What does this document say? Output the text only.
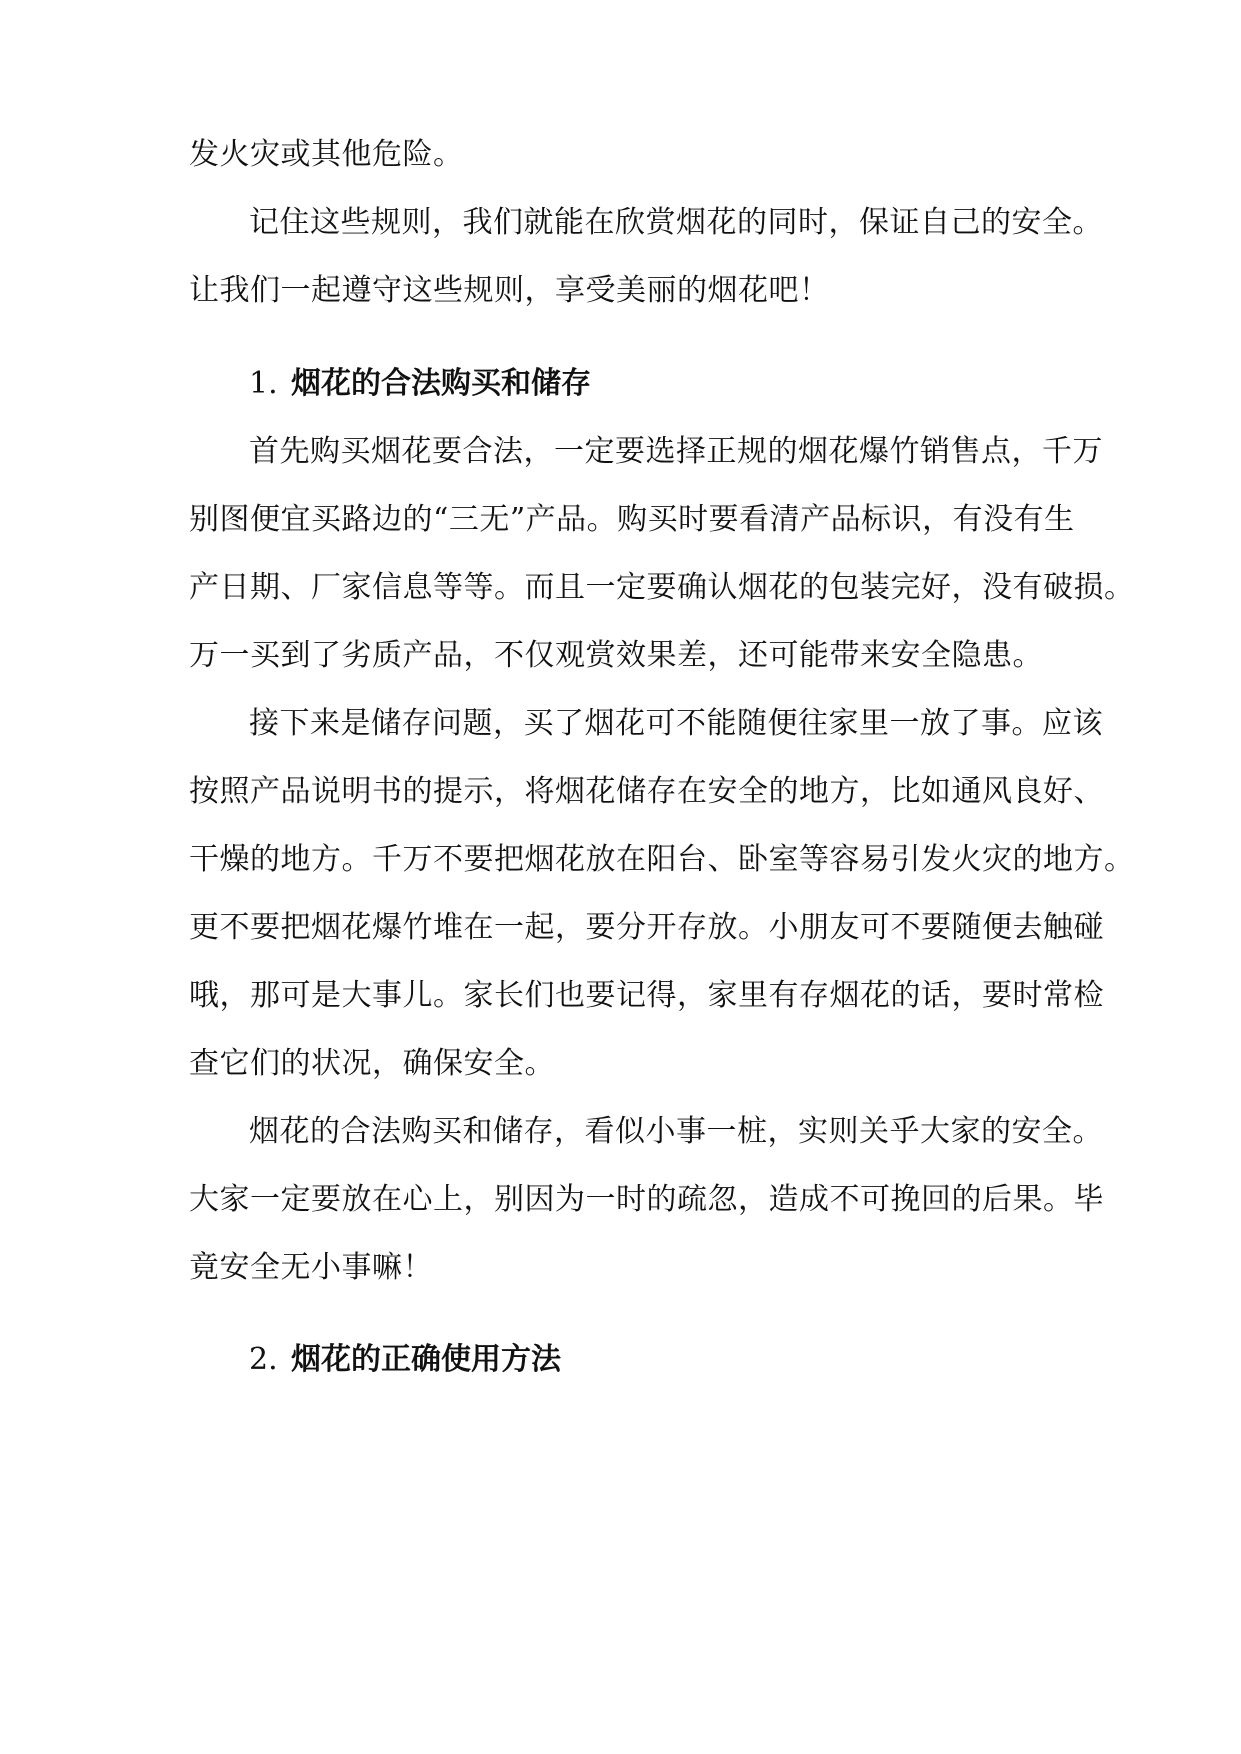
发火灾或其他危险。
记住这些规则，我们就能在欣赏烟花的同时，保证自己的安全。
让我们一起遵守这些规则，享受美丽的烟花吧！
1. 烟花的合法购买和储存
首先购买烟花要合法，一定要选择正规的烟花爆竹销售点，千万
别图便宜买路边的“三无”产品。购买时要看清产品标识，有没有生
产日期、厂家信息等等。而且一定要确认烟花的包装完好，没有破损。
万一买到了劣质产品，不仅观赏效果差，还可能带来安全隐患。
接下来是储存问题，买了烟花可不能随便往家里一放了事。应该
按照产品说明书的提示，将烟花储存在安全的地方，比如通风良好、
干燥的地方。千万不要把烟花放在阳台、卧室等容易引发火灾的地方。
更不要把烟花爆竹堆在一起，要分开存放。小朋友可不要随便去触碰
哦，那可是大事儿。家长们也要记得，家里有存烟花的话，要时常检
查它们的状况，确保安全。
烟花的合法购买和储存，看似小事一桩，实则关乎大家的安全。
大家一定要放在心上，别因为一时的疏忽，造成不可挽回的后果。毕
竟安全无小事嘛！
2. 烟花的正确使用方法
